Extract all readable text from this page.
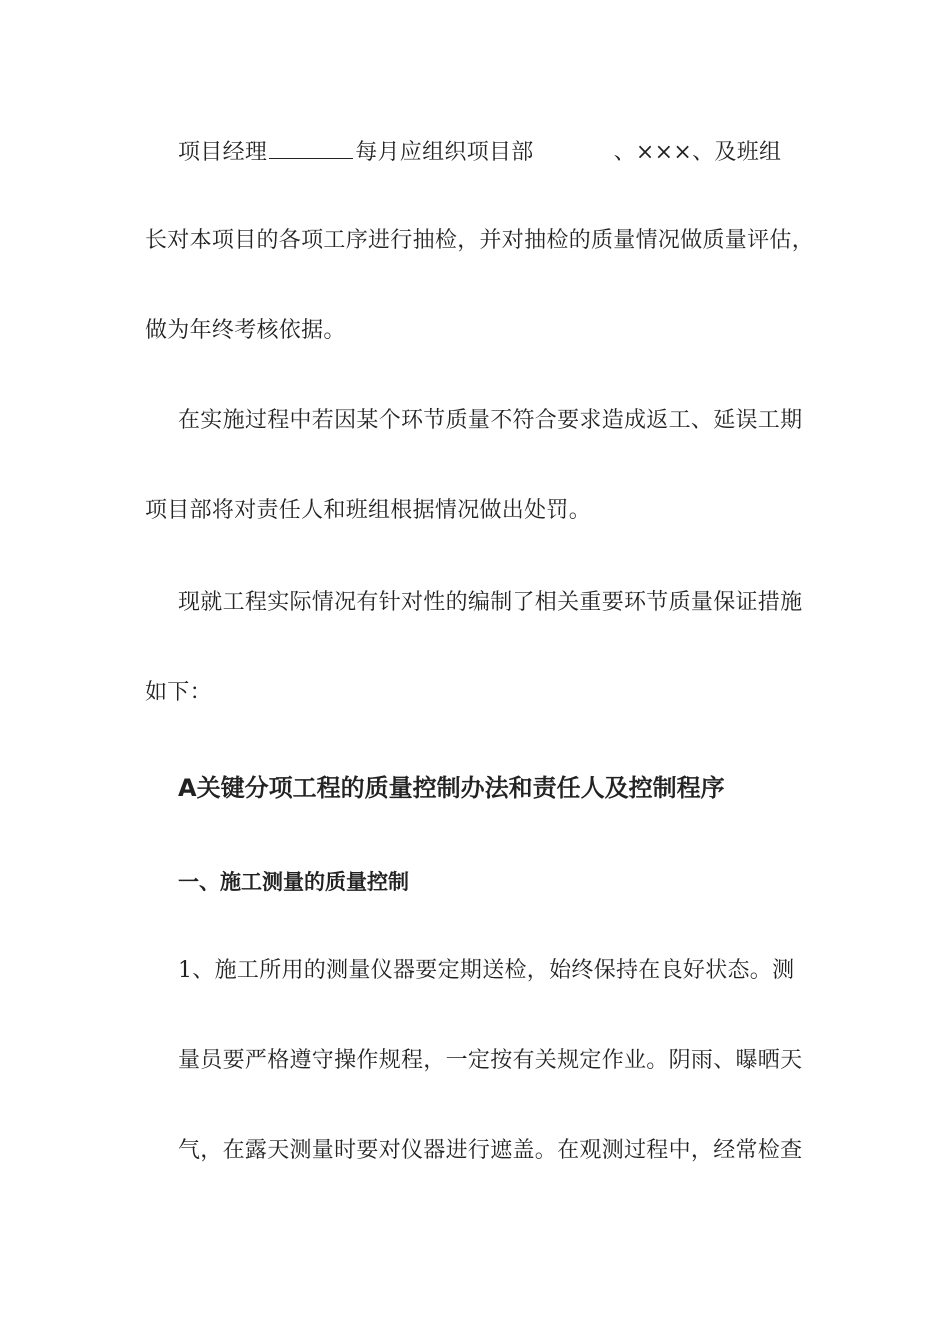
项目经理	每月应组织项目部	、×××、及班组
长对本项目的各项工序进行抽检，并对抽检的质量情况做质量评估，
做为年终考核依据。
在实施过程中若因某个环节质量不符合要求造成返工、延误工期
项目部将对责任人和班组根据情况做出处罚。
现就工程实际情况有针对性的编制了相关重要环节质量保证措施
如下：
A关键分项工程的质量控制办法和责任人及控制程序
一、施工测量的质量控制
1、施工所用的测量仪器要定期送检，始终保持在良好状态。测
量员要严格遵守操作规程，一定按有关规定作业。阴雨、曝晒天
气，在露天测量时要对仪器进行遮盖。在观测过程中，经常检查
